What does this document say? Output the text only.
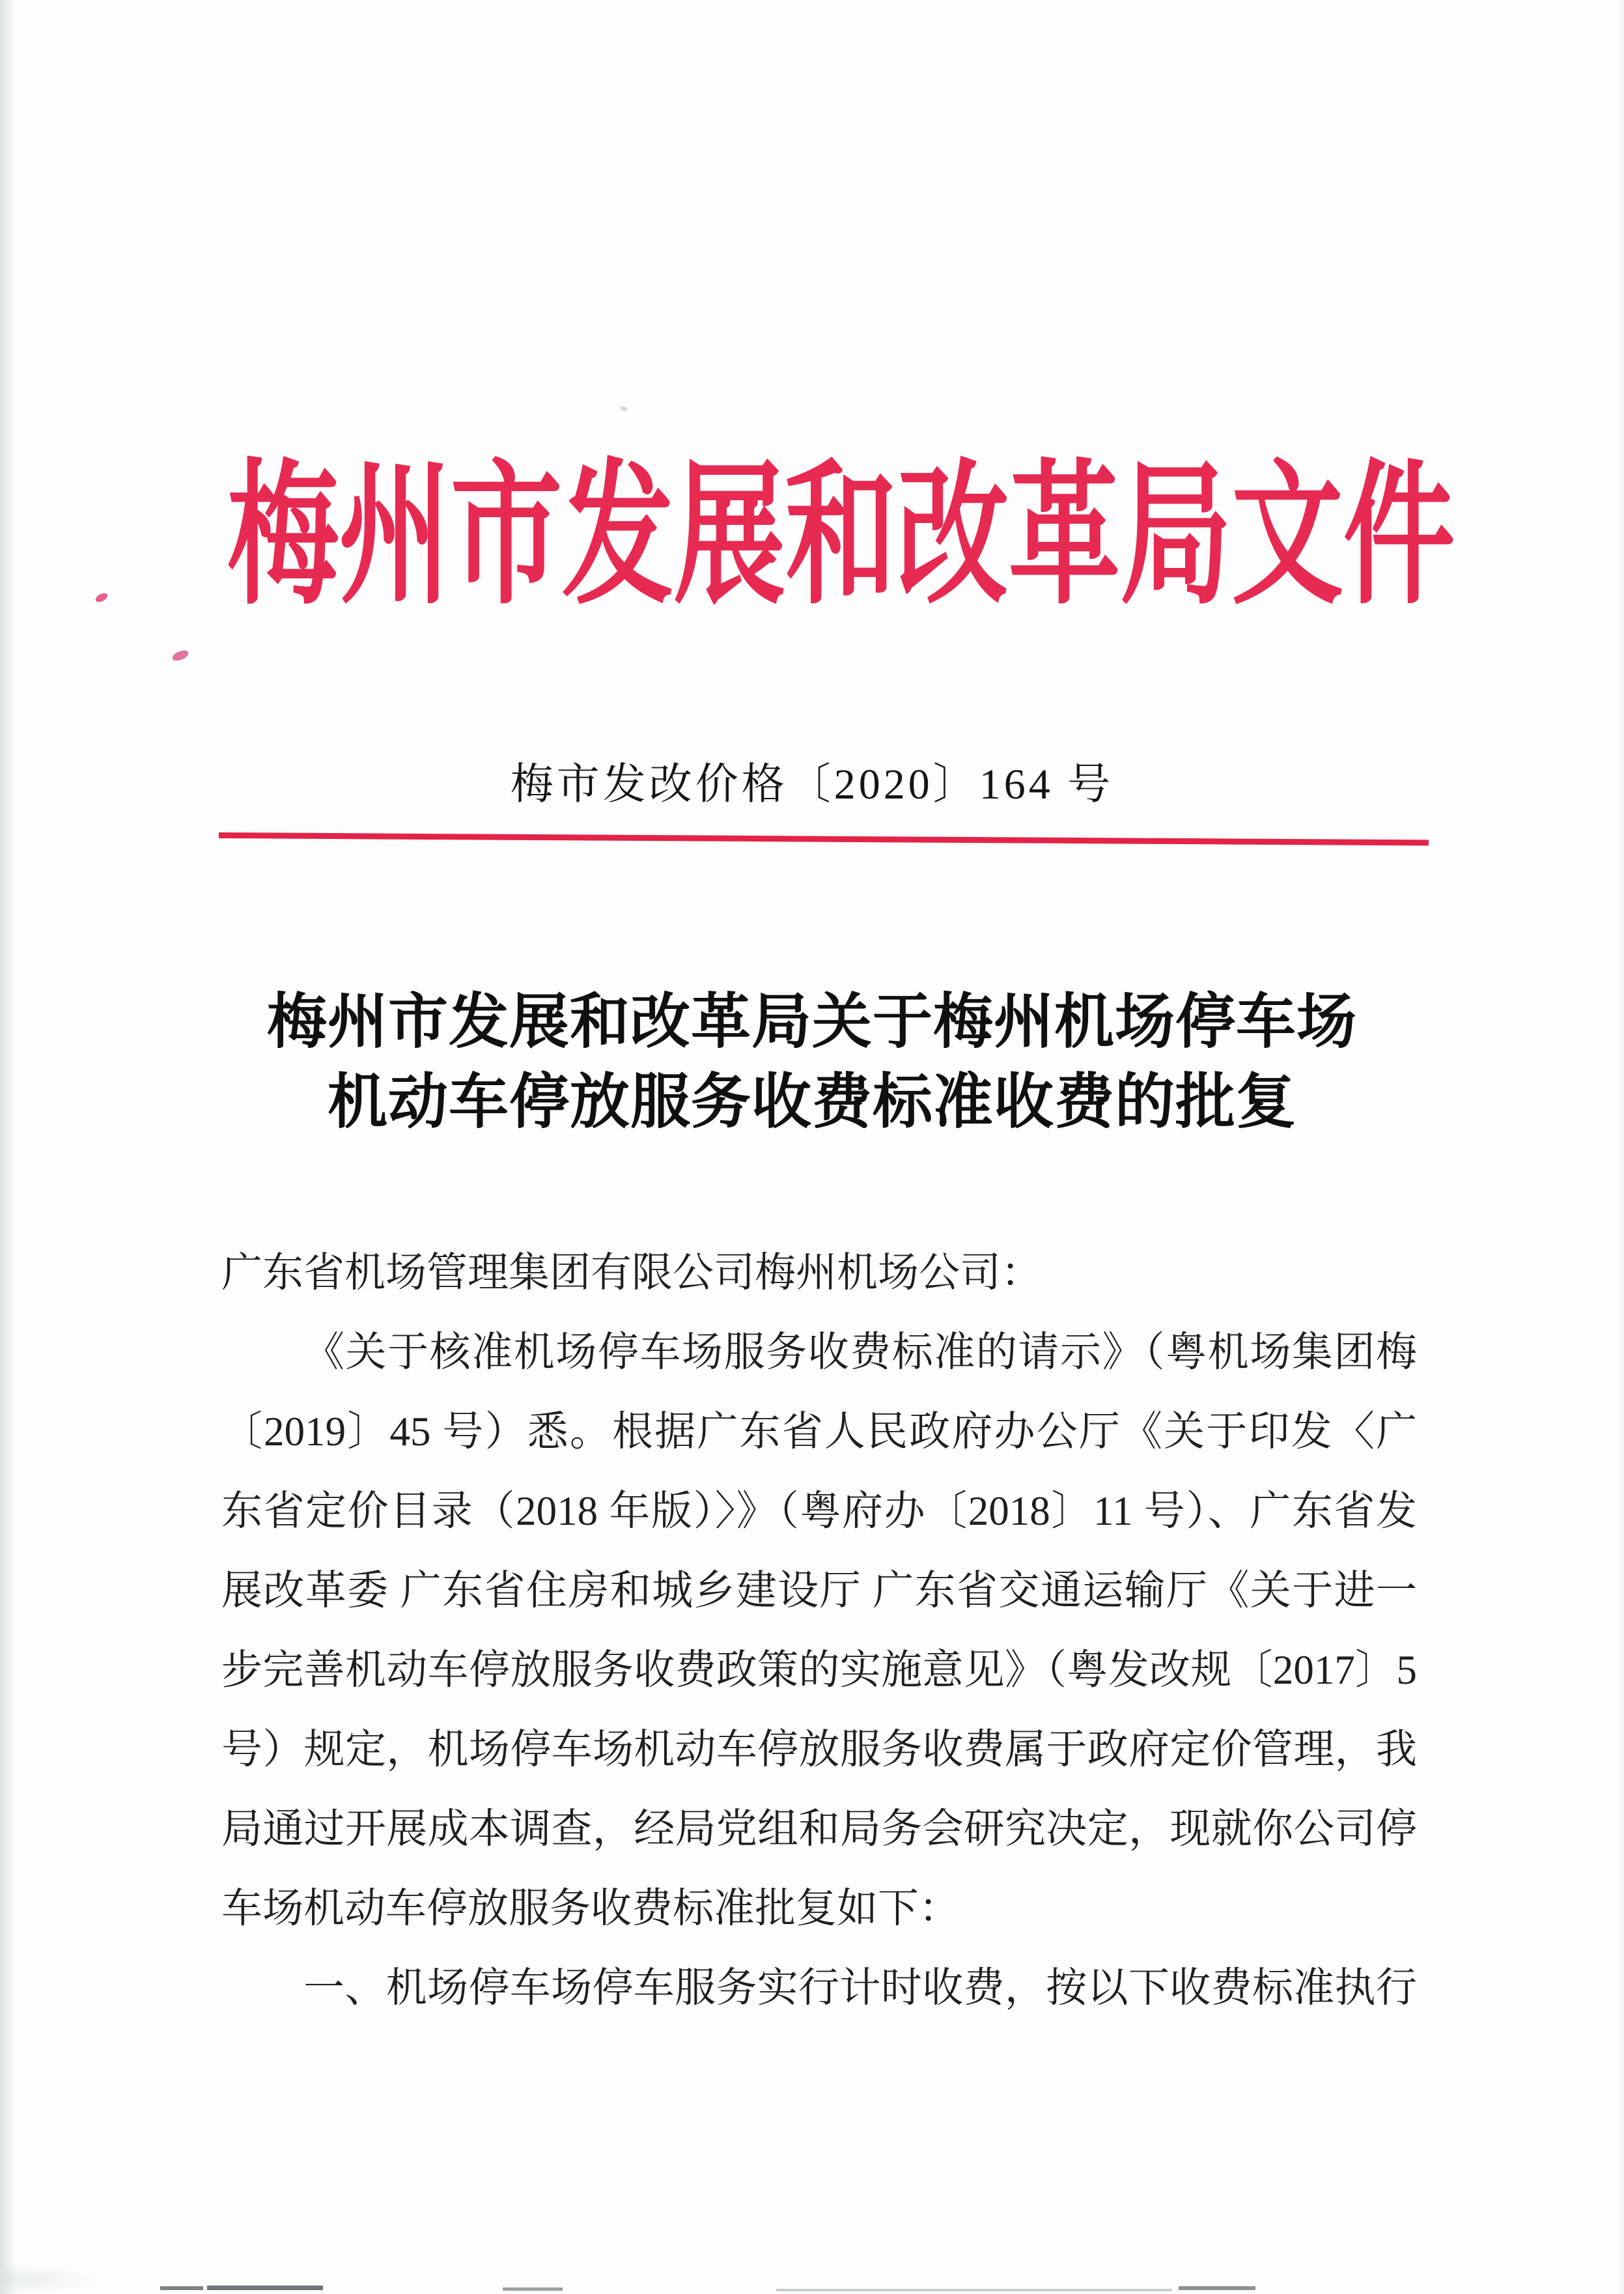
梅州市发展和改革局文件
梅市发改价格〔2020〕164 号
梅州市发展和改革局关于梅州机场停车场
机动车停放服务收费标准收费的批复
广东省机场管理集团有限公司梅州机场公司：
《关于核准机场停车场服务收费标准的请示》（粤机场集团梅
〔2019〕45 号）悉。根据广东省人民政府办公厅《关于印发〈广
东省定价目录（2018 年版）〉》（粤府办〔2018〕11 号）、广东省发
展改革委 广东省住房和城乡建设厅 广东省交通运输厅《关于进一
步完善机动车停放服务收费政策的实施意见》（粤发改规〔2017〕5
号）规定，机场停车场机动车停放服务收费属于政府定价管理，我
局通过开展成本调查，经局党组和局务会研究决定，现就你公司停
车场机动车停放服务收费标准批复如下：
一、机场停车场停车服务实行计时收费，按以下收费标准执行
